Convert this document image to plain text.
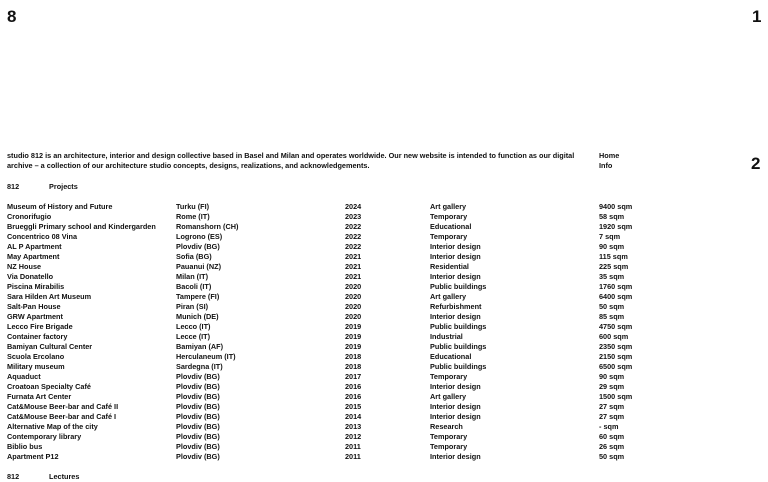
8	1
2
studio 812 is an architecture, interior and design collective based in Basel and Milan and operates worldwide. Our new website is intended to function as our digital archive – a collection of our architecture studio concepts, designs, realizations, and acknowledgements.
Home
Info
812	Projects
Museum of History and Future	Turku (FI)	2024	Art gallery	9400 sqm
Cronorifugio	Rome (IT)	2023	Temporary	58 sqm
Brueggli Primary school and Kindergarden	Romanshorn (CH)	2022	Educational	1920 sqm
Concentrico 08 Vina	Logrono (ES)	2022	Temporary	7 sqm
AL P Apartment	Plovdiv (BG)	2022	Interior design	90 sqm
May Apartment	Sofia (BG)	2021	Interior design	115 sqm
NZ House	Pauanui (NZ)	2021	Residential	225 sqm
Via Donatello	Milan (IT)	2021	Interior design	35 sqm
Piscina Mirabilis	Bacoli (IT)	2020	Public buildings	1760 sqm
Sara Hilden Art Museum	Tampere (FI)	2020	Art gallery	6400 sqm
Salt-Pan House	Piran (SI)	2020	Refurbishment	50 sqm
GRW Apartment	Munich (DE)	2020	Interior design	85 sqm
Lecco Fire Brigade	Lecco (IT)	2019	Public buildings	4750 sqm
Container factory	Lecce (IT)	2019	Industrial	600 sqm
Bamiyan Cultural Center	Bamiyan (AF)	2019	Public buildings	2350 sqm
Scuola Ercolano	Herculaneum (IT)	2018	Educational	2150 sqm
Military museum	Sardegna (IT)	2018	Public buildings	6500 sqm
Aquaduct	Plovdiv (BG)	2017	Temporary	90 sqm
Croatoan Specialty Café	Plovdiv (BG)	2016	Interior design	29 sqm
Furnata Art Center	Plovdiv (BG)	2016	Art gallery	1500 sqm
Cat&Mouse Beer-bar and Café II	Plovdiv (BG)	2015	Interior design	27 sqm
Cat&Mouse Beer-bar and Café I	Plovdiv (BG)	2014	Interior design	27 sqm
Alternative Map of the city	Plovdiv (BG)	2013	Research	- sqm
Contemporary library	Plovdiv (BG)	2012	Temporary	60 sqm
Biblio bus	Plovdiv (BG)	2011	Temporary	26 sqm
Apartment P12	Plovdiv (BG)	2011	Interior design	50 sqm
812	Lectures
